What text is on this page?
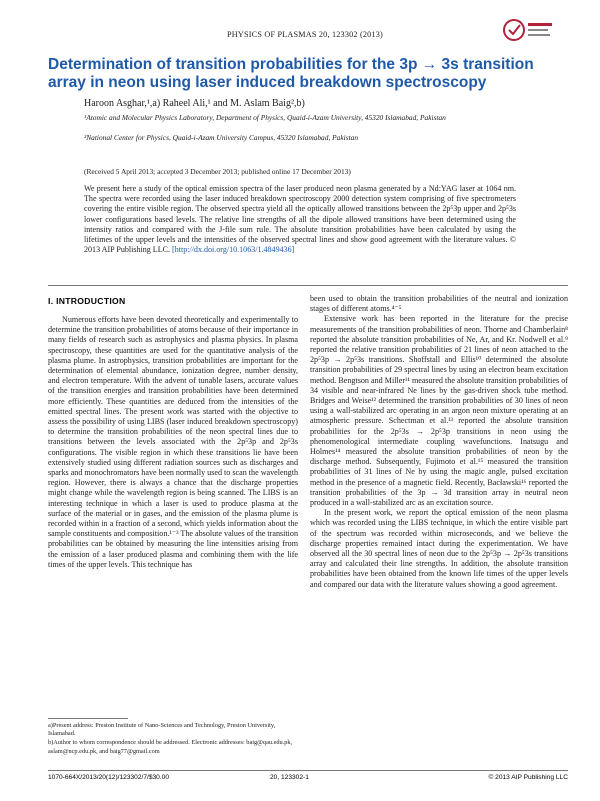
PHYSICS OF PLASMAS 20, 123302 (2013)
Determination of transition probabilities for the 3p → 3s transition array in neon using laser induced breakdown spectroscopy
Haroon Asghar,¹,a) Raheel Ali,¹ and M. Aslam Baig²,b)
¹Atomic and Molecular Physics Laboratory, Department of Physics, Quaid-i-Azam University, 45320 Islamabad, Pakistan
²National Center for Physics, Quaid-i-Azam University Campus, 45320 Islamabad, Pakistan
(Received 5 April 2013; accepted 3 December 2013; published online 17 December 2013)
We present here a study of the optical emission spectra of the laser produced neon plasma generated by a Nd:YAG laser at 1064 nm. The spectra were recorded using the laser induced breakdown spectroscopy 2000 detection system comprising of five spectrometers covering the entire visible region. The observed spectra yield all the optically allowed transitions between the 2p⁵3p upper and 2p⁵3s lower configurations based levels. The relative line strengths of all the dipole allowed transitions have been determined using the intensity ratios and compared with the J-file sum rule. The absolute transition probabilities have been calculated by using the lifetimes of the upper levels and the intensities of the observed spectral lines and show good agreement with the literature values. © 2013 AIP Publishing LLC. [http://dx.doi.org/10.1063/1.4849436]
I. INTRODUCTION

Numerous efforts have been devoted theoretically and experimentally to determine the transition probabilities of atoms because of their importance in many fields of research such as astrophysics and plasma physics. In plasma spectroscopy, these quantities are used for the quantitative analysis of the plasma plume. In astrophysics, transition probabilities are important for the determination of elemental abundance, ionization degree, number density, and electron temperature. With the advent of tunable lasers, accurate values of the transition energies and transition probabilities have been determined more efficiently. These quantities are deduced from the intensities of the emitted spectral lines. The present work was started with the objective to assess the possibility of using LIBS (laser induced breakdown spectroscopy) to determine the transition probabilities of the neon spectral lines due to transitions between the levels associated with the 2p⁵3p and 2p⁵3s configurations. The visible region in which these transitions lie have been extensively studied using different radiation sources such as discharges and sparks and monochromators have been normally used to scan the wavelength region. However, there is always a chance that the discharge properties might change while the wavelength region is being scanned. The LIBS is an interesting technique in which a laser is used to produce plasma at the surface of the material or in gases, and the emission of the plasma plume is recorded within in a fraction of a second, which yields information about the sample constituents and composition.¹⁻³ The absolute values of the transition probabilities can be obtained by measuring the line intensities arising from the emission of a laser produced plasma and combining them with the life times of the upper levels. This technique has

been used to obtain the transition probabilities of the neutral and ionization stages of different atoms.⁴⁻⁵

Extensive work has been reported in the literature for the precise measurements of the transition probabilities of neon. Thorne and Chamberlain⁸ reported the absolute transition probabilities of Ne, Ar, and Kr. Nodwell et al.⁹ reported the relative transition probabilities of 21 lines of neon attached to the 2p⁵3p → 2p⁵3s transitions. Shoffstall and Ellis¹⁰ determined the absolute transition probabilities of 29 spectral lines by using an electron beam excitation method. Bengtson and Miller¹¹ measured the absolute transition probabilities of 34 visible and near-infrared Ne lines by the gas-driven shock tube method. Bridges and Weise¹² determined the transition probabilities of 30 lines of neon using a wall-stabilized arc operating in an argon neon mixture operating at an atmospheric pressure. Schectman et al.¹³ reported the absolute transition probabilities for the 2p⁵3s → 2p⁵3p transitions in neon using the phenomenological intermediate coupling wavefunctions. Inatsugu and Holmes¹⁴ measured the absolute transition probabilities of neon by the discharge method. Subsequently, Fujimoto et al.¹⁵ measured the transition probabilities of 31 lines of Ne by using the magic angle, pulsed excitation method in the presence of a magnetic field. Recently, Bacławski¹⁶ reported the transition probabilities of the 3p → 3d transition array in neutral neon produced in a wall-stabilized arc as an excitation source.

In the present work, we report the optical emission of the neon plasma which was recorded using the LIBS technique, in which the entire visible part of the spectrum was recorded within microseconds, and we believe the discharge properties remained intact during the experimentation. We have observed all the 30 spectral lines of neon due to the 2p⁵3p → 2p⁵3s transitions array and calculated their line strengths. In addition, the absolute transition probabilities have been obtained from the known life times of the upper levels and compared our data with the literature values showing a good agreement.

a)Present address: Preston Institute of Nano-Sciences and Technology, Preston University, Islamabad.
b)Author to whom correspondence should be addressed. Electronic addresses: baig@qau.edu.pk, aslam@ncp.edu.pk, and baig77@gmail.com
1070-664X/2013/20(12)/123302/7/$30.00	20, 123302-1	© 2013 AIP Publishing LLC
